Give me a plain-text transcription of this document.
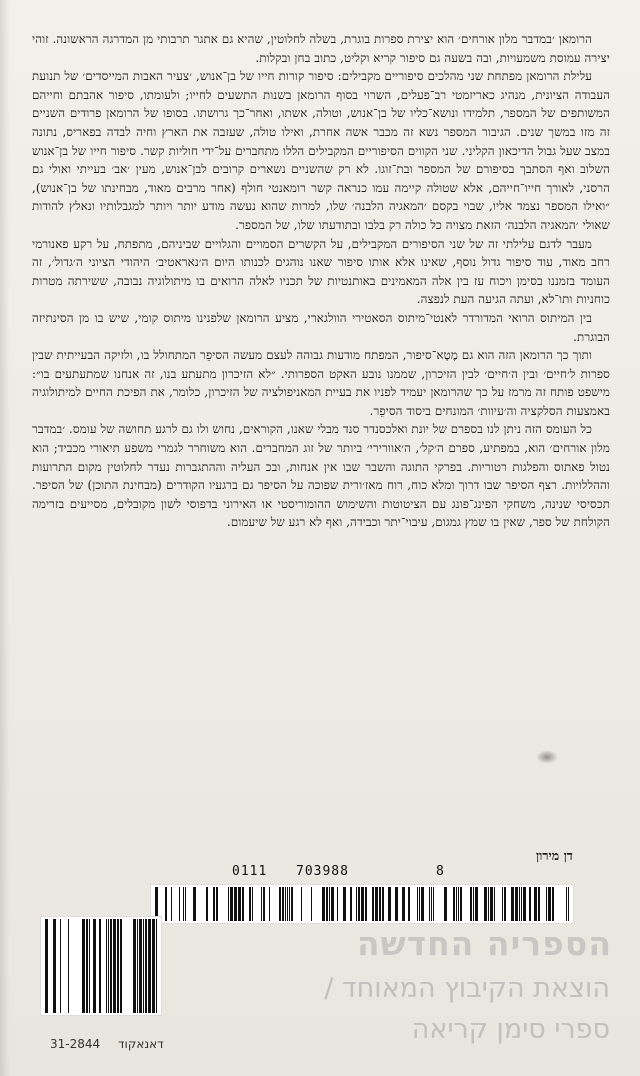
הרומאן ׳במדבר מלון אורחים׳ הוא יצירת ספרות בוגרת, בשלה לחלוטין, שהיא גם אתגר תרבותי מן המדרגה הראשונה. זוהי יצירה עמוסת משמעויות, ובה בשעה גם סיפור קריא וקליט, כתוב בחן ובקלות.

עלילת הרומאן מפתחת שני מהלכים סיפוריים מקבילים: סיפור קורות חייו של בן־אנוש, ׳צעיר האבות המייסדים׳ של תנועת העבודה הציונית, מנהיג כאריזמטי רב־פעלים, השרוי בסוף הרומאן בשנות התשעים לחייו; ולעומתו, סיפור אהבתם וחייהם המשותפים של המספר, תלמידו ונושא־כליו של בן־אנוש, וטולה, אשתו, ואחר־כך גרושתו. בסופו של הרומאן פרודים השניים זה מזו במשך שנים. הגיבור המספר נשא זה מכבר אשה אחרת, ואילו טולה, שעזבה את הארץ וחיה לבדה בפאריס, נתונה במצב שעל גבול הדיכאון הקליני. שני הקווים הסיפוריים המקבילים הללו מתחברים על־ידי חוליות קשר. סיפור חייו של בן־אנוש השלוב ואף הסתבך בסיפורם של המספר ובת־זוגו. לא רק שהשניים נשארים קרובים לבן־אנוש, מעין ׳אב׳ בעייתי ואולי גם הרסני, לאורך חייו־חייהם, אלא שטולה קיימה עמו כנראה קשר רומאנטי חולף (אחר מרבים מאוד, מבחינתו של בן־אנוש), ״ואילו המספר נצמד אליו, שבוי בקסם ׳המאגיה הלבנה׳ שלו, למרות שהוא נעשה מודע יותר ויותר למגבלותיו ונאלץ להודות שאולי ׳המאגיה הלבנה׳ הזאת מצויה כל כולה רק בלבו ובתודעתו שלו, של המספר.

מעבר לדגם עלילתי זה של שני הסיפורים המקבילים, על הקשרים הסמויים והגלויים שביניהם, מתפתח, על רקע פאנורמי רחב מאוד, עוד סיפור גדול נוסף, שאינו אלא אותו סיפור שאנו נוהגים לכנותו היום ה׳נאראטיב׳ היהודי הציוני ה׳גדול׳, זה העומד בזמננו בסימן ויכוח עז בין אלה המאמינים באותנטיות של תכניו לאלה הרואים בו מיתולוגיה נבובה, ששירתה מטרות כוחניות ותו־לא, ועתה הגיעה העת לנפצה.

בין המיתוס הרואי המדורדר לאנטי־מיתוס הסאטירי הוולגארי, מציע הרומאן שלפנינו מיתוס קומי, שיש בו מן הסינתיזה הבוגרת.

ותוך כך הרומאן הזה הוא גם מֶטָא־סיפור, המפתח מודעות גבוהה לעצם מעשה הסיפֵר המתחולל בו, ולזיקה הבעייתית שבין ספרות ל׳חיים׳ ובין ה׳חיים׳ לבין הזיכרון, שממנו נובע האקט הספרותי. ״לא הזיכרון מתעתע בנו, זה אנחנו שמתעתעים בו״: מישפט פותח זה מרמז על כך שהרומאן יעמיד לפניו את בעיית המאניפולציה של הזיכרון, כלומר, את הפיכת החיים למיתולוגיה באמצעות הסלקציה וה׳עיוות׳ המונחים ביסוד הסיפֵר.

כל העומס הזה ניתן לנו בספרם של יונת ואלכסנדר סנד מבלי שאנו, הקוראים, נחוש ולו גם לרגע תחושה של עומס. ׳במדבר מלון אורחים׳ הוא, במפתיע, ספרם ה׳קל׳, ה׳אוורירי׳ ביותר של זוג המחברים. הוא משוחרר לגמרי משפע תיאורי מכביד; הוא נטול פאתוס והפלגות רטוריות. בפרקי התוגה והשבר שבו אין אנחות, ובכ העליה וההתגברות נעדר לחלוטין מקום התרועות וההללויות. רצף הסיפר שבו דרוך ומלא כוח, רוח מאז׳ורית שפוכה על הסיפר גם ברגעיו הקודרים (מבחינת התוכן) של הסיפר. תכסיסי שנינה, משחקי הפינג־פונג עם הציטוטות והשימוש ההומוריסטי או האירוני בדפוסי לשון מקובלים, מסייעים בזרימה הקולחת של ספר, שאין בו שמץ גמגום, עיבוי־יתר וכבידה, ואף לא רגע של שיעמום.

דן מירון
0111 703988	8
הספריה החדשה
הוצאת הקיבוץ המאוחד /
ספרי סימן קריאה
31-2844 דאנאקוד
